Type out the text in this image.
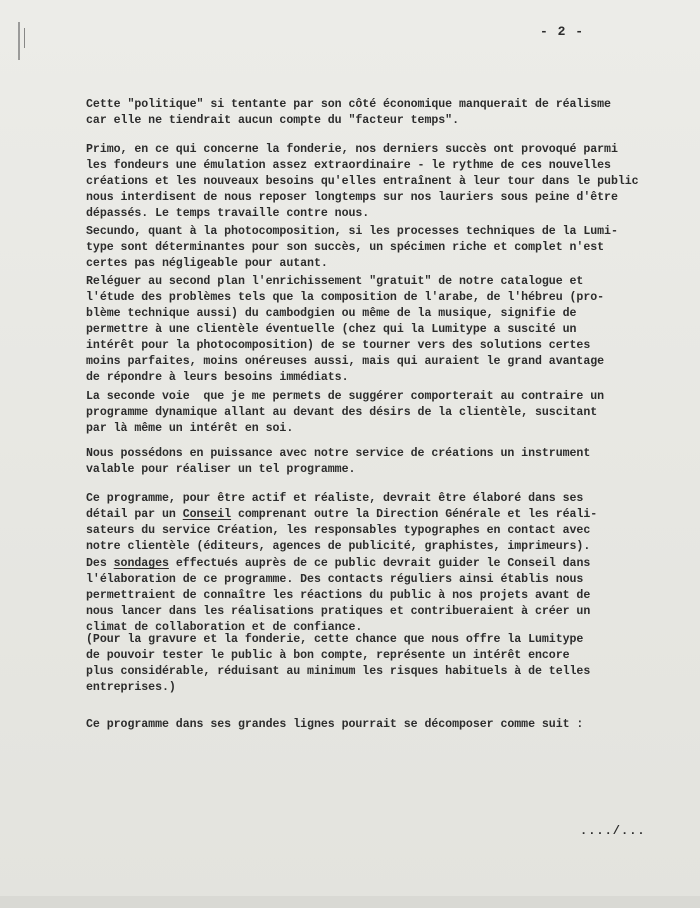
- 2 -
Cette "politique" si tentante par son côté économique manquerait de réalisme
car elle ne tiendrait aucun compte du "facteur temps".
Primo, en ce qui concerne la fonderie, nos derniers succès ont provoqué parmi
les fondeurs une émulation assez extraordinaire - le rythme de ces nouvelles
créations et les nouveaux besoins qu'elles entraînent à leur tour dans le public
nous interdisent de nous reposer longtemps sur nos lauriers sous peine d'être
dépassés. Le temps travaille contre nous.
Secundo, quant à la photocomposition, si les processes techniques de la Lumi-
type sont déterminantes pour son succès, un spécimen riche et complet n'est
certes pas négligeable pour autant.
Reléguer au second plan l'enrichissement "gratuit" de notre catalogue et
l'étude des problèmes tels que la composition de l'arabe, de l'hébreu (pro-
blème technique aussi) du cambodgien ou même de la musique, signifie de
permettre à une clientèle éventuelle (chez qui la Lumitype a suscité un
intérêt pour la photocomposition) de se tourner vers des solutions certes
moins parfaites, moins onéreuses aussi, mais qui auraient le grand avantage
de répondre à leurs besoins immédiats.
La seconde voie  que je me permets de suggérer comporterait au contraire un
programme dynamique allant au devant des désirs de la clientèle, suscitant
par là même un intérêt en soi.
Nous possédons en puissance avec notre service de créations un instrument
valable pour réaliser un tel programme.
Ce programme, pour être actif et réaliste, devrait être élaboré dans ses
détail par un Conseil comprenant outre la Direction Générale et les réali-
sateurs du service Création, les responsables typographes en contact avec
notre clientèle (éditeurs, agences de publicité, graphistes, imprimeurs).
Des sondages effectués auprès de ce public devrait guider le Conseil dans
l'élaboration de ce programme. Des contacts réguliers ainsi établis nous
permettraient de connaître les réactions du public à nos projets avant de
nous lancer dans les réalisations pratiques et contribueraient à créer un
climat de collaboration et de confiance.
(Pour la gravure et la fonderie, cette chance que nous offre la Lumitype
de pouvoir tester le public à bon compte, représente un intérêt encore
plus considérable, réduisant au minimum les risques habituels à de telles
entreprises.)
Ce programme dans ses grandes lignes pourrait se décomposer comme suit :
..../...
